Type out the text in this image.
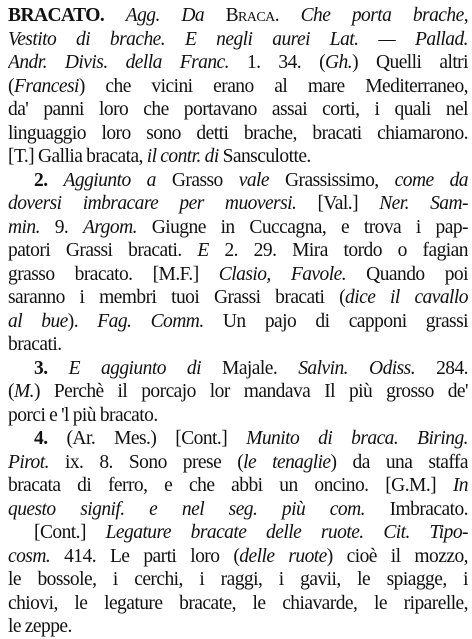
BRACATO. Agg. Da Braca. Che porta brache,
Vestito di brache. E negli aurei Lat. — Pallad.
Andr. Divis. della Franc. 1. 34. (Gh.) Quelli altri
(Francesi) che vicini erano al mare Mediterraneo,
da' panni loro che portavano assai corti, i quali nel
linguaggio loro sono detti brache, bracati chiamarono.
[T.] Gallia bracata, il contr. di Sansculotte.
2. Aggiunto a Grasso vale Grassissimo, come da
doversi imbracare per muoversi. [Val.] Ner. Sam-
min. 9. Argom. Giugne in Cuccagna, e trova i pap-
patori Grassi bracati. E 2. 29. Mira tordo o fagian
grasso bracato. [M.F.] Clasio, Favole. Quando poi
saranno i membri tuoi Grassi bracati (dice il cavallo
al bue). Fag. Comm. Un pajo di capponi grassi
bracati.
3. E aggiunto di Majale. Salvin. Odiss. 284.
(M.) Perchè il porcajo lor mandava Il più grosso de'
porci e 'l più bracato.
4. (Ar. Mes.) [Cont.] Munito di braca. Biring.
Pirot. ix. 8. Sono prese (le tenaglie) da una staffa
bracata di ferro, e che abbi un oncino. [G.M.] In
questo signif. e nel seg. più com. Imbracato.
[Cont.] Legature bracate delle ruote. Cit. Tipo-
cosm. 414. Le parti loro (delle ruote) cioè il mozzo,
le bossole, i cerchi, i raggi, i gavii, le spiagge, i
chiovi, le legature bracate, le chiavarde, le riparelle,
le zeppe.
